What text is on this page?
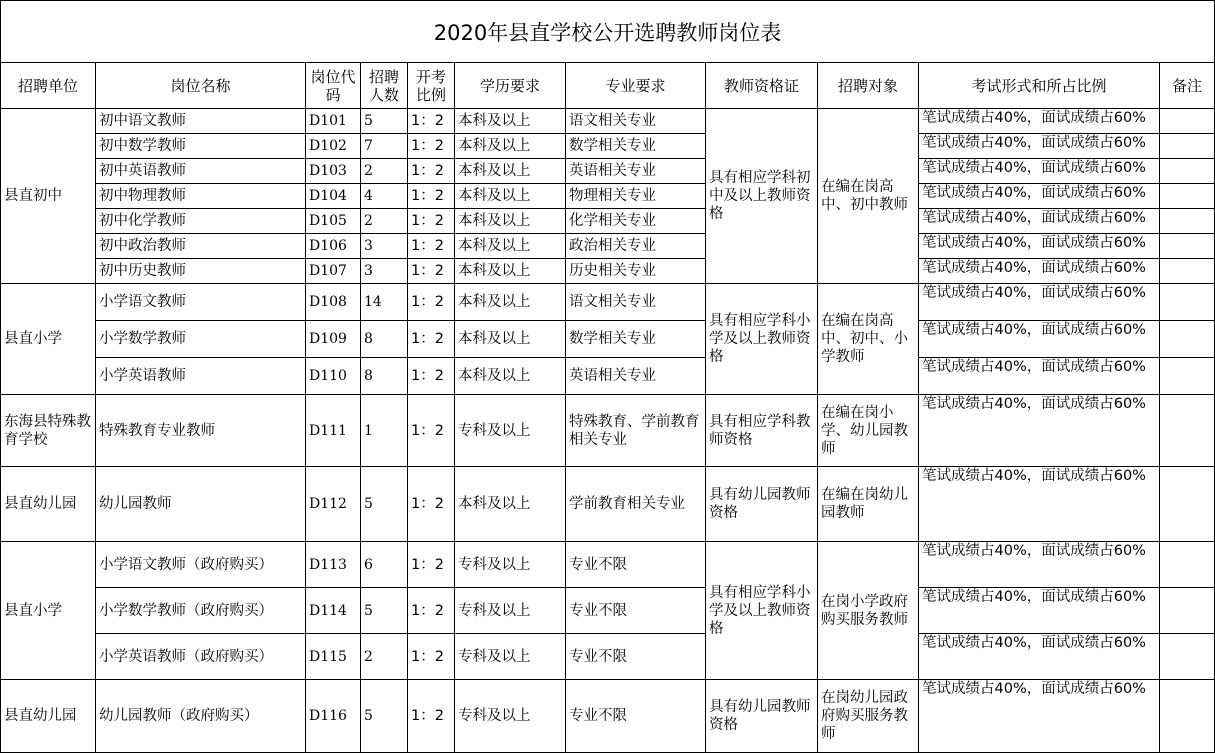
2020年县直学校公开选聘教师岗位表
招聘单位	岗位名称	岗位代码	招聘人数	开考比例	学历要求	专业要求	教师资格证	招聘对象	考试形式和所占比例	备注
县直初中	初中语文教师	D101	5	1：2	本科及以上	语文相关专业	具有相应学科初中及以上教师资格	在编在岗高中、初中教师	笔试成绩占40%，面试成绩占60%	

	初中数学教师	D102	7	1：2	本科及以上	数学相关专业			笔试成绩占40%，面试成绩占60%	

	初中英语教师	D103	2	1：2	本科及以上	英语相关专业			笔试成绩占40%，面试成绩占60%	

	初中物理教师	D104	4	1：2	本科及以上	物理相关专业			笔试成绩占40%，面试成绩占60%	

	初中化学教师	D105	2	1：2	本科及以上	化学相关专业			笔试成绩占40%，面试成绩占60%	

	初中政治教师	D106	3	1：2	本科及以上	政治相关专业			笔试成绩占40%，面试成绩占60%	

	初中历史教师	D107	3	1：2	本科及以上	历史相关专业			笔试成绩占40%，面试成绩占60%	

县直小学	小学语文教师	D108	14	1：2	本科及以上	语文相关专业	具有相应学科小学及以上教师资格	在编在岗高中、初中、小学教师	笔试成绩占40%，面试成绩占60%	

	小学数学教师	D109	8	1：2	本科及以上	数学相关专业			笔试成绩占40%，面试成绩占60%	

	小学英语教师	D110	8	1：2	本科及以上	英语相关专业			笔试成绩占40%，面试成绩占60%	

东海县特殊教育学校	特殊教育专业教师	D111	1	1：2	专科及以上	特殊教育、学前教育相关专业	具有相应学科教师资格	在编在岗小学、幼儿园教师	笔试成绩占40%，面试成绩占60%	

县直幼儿园	幼儿园教师	D112	5	1：2	本科及以上	学前教育相关专业	具有幼儿园教师资格	在编在岗幼儿园教师	笔试成绩占40%，面试成绩占60%	

县直小学	小学语文教师（政府购买）	D113	6	1：2	专科及以上	专业不限	具有相应学科小学及以上教师资格	在岗小学政府购买服务教师	笔试成绩占40%，面试成绩占60%	

	小学数学教师（政府购买）	D114	5	1：2	专科及以上	专业不限			笔试成绩占40%，面试成绩占60%	

	小学英语教师（政府购买）	D115	2	1：2	专科及以上	专业不限			笔试成绩占40%，面试成绩占60%	

县直幼儿园	幼儿园教师（政府购买）	D116	5	1：2	专科及以上	专业不限	具有幼儿园教师资格	在岗幼儿园政府购买服务教师	笔试成绩占40%，面试成绩占60%	
